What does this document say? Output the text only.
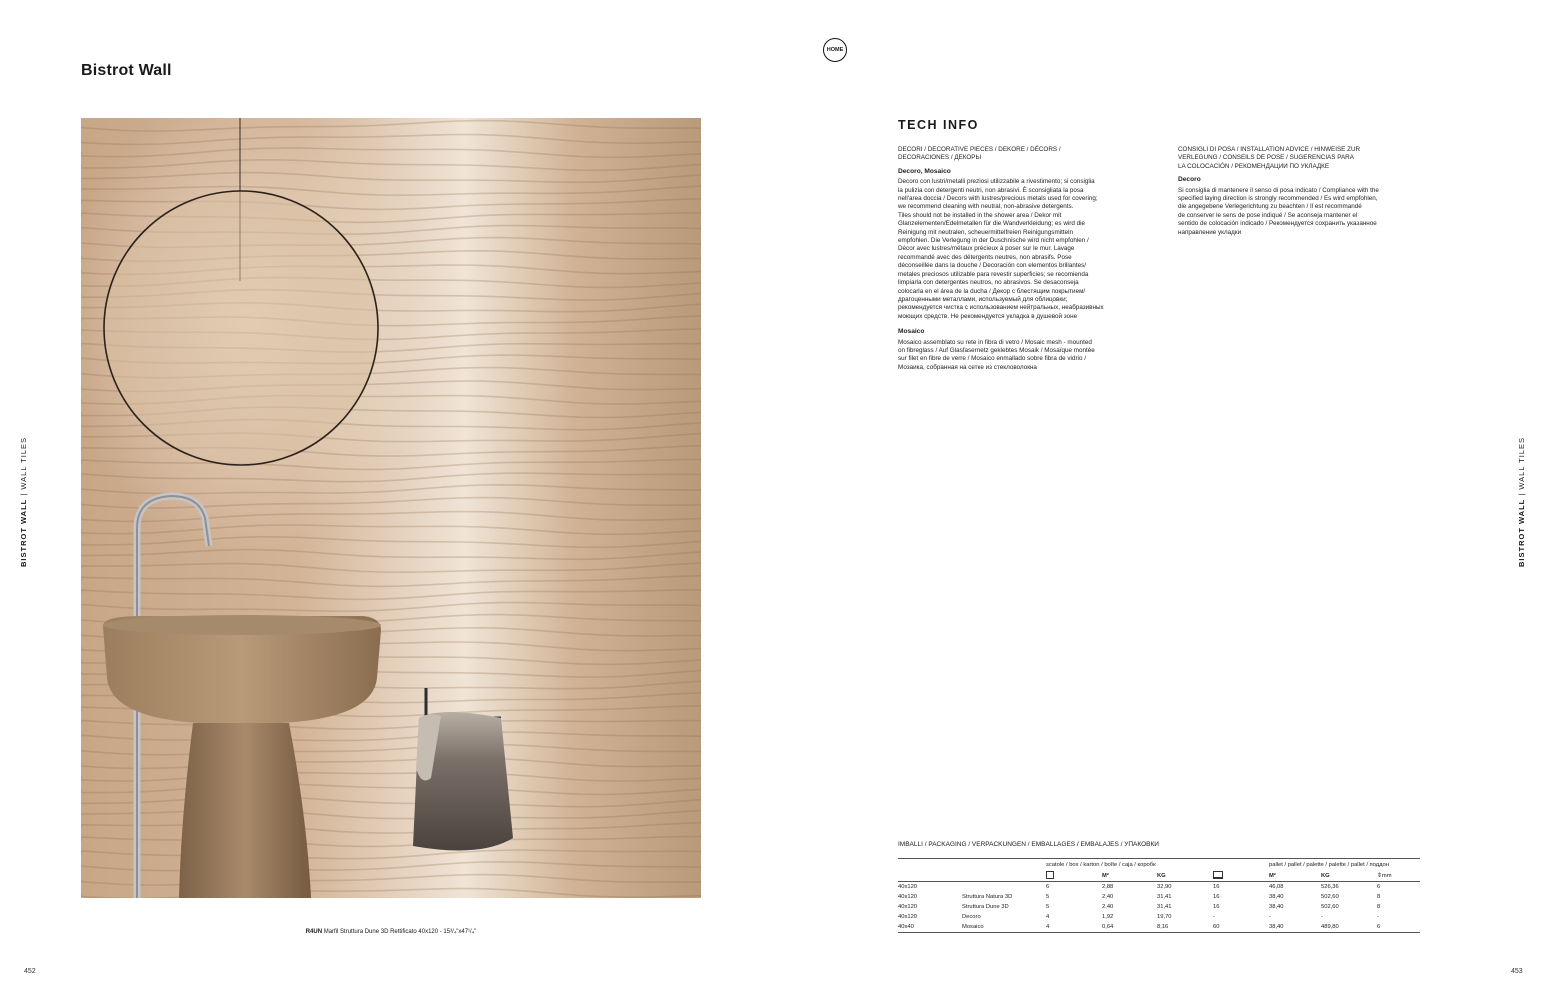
Bistrot Wall
HOME
BISTROT WALL | WALL TILES
R4UN Marfil Struttura Dune 3D Rettificato 40x120 - 15³/₄"x47¹/₄"
452
TECH INFO

DECORI / DECORATIVE PIECES / DEKORE / DÉCORS /
DECORACIONES / ДЕКОРЫ

Decoro, Mosaico

Decoro con lustri/metalli preziosi utilizzabile a rivestimento; si consiglia
la pulizia con detergenti neutri, non abrasivi. È sconsigliata la posa
nell'area doccia / Decors with lustres/precious metals used for covering;
we recommend cleaning with neutral, non-abrasive detergents.
Tiles should not be installed in the shower area / Dekor mit
Glanzelementen/Edelmetallen für die Wandverkleidung; es wird die
Reinigung mit neutralen, scheuermittelfreien Reinigungsmitteln
empfohlen. Die Verlegung in der Duschnische wird nicht empfohlen /
Décor avec lustres/métaux précieux à poser sur le mur. Lavage
recommandé avec des détergents neutres, non abrasifs. Pose
déconseillée dans la douche / Decoración con elementos brillantes/
metales preciosos utilizable para revestir superficies; se recomienda
limpiarla con detergentes neutros, no abrasivos. Se desaconseja
colocarla en el área de la ducha / Декор с блестящим покрытием/
драгоценными металлами, используемый для облицовки;
рекомендуется чистка с использованием нейтральных, неабразивных
моющих средств. Не рекомендуется укладка в душевой зоне

Mosaico

Mosaico assemblato su rete in fibra di vetro / Mosaic mesh - mounted
on fibreglass / Auf Glasfasernetz geklebtes Mosaik / Mosaïque montée
sur filet en fibre de verre / Mosaico enmallado sobre fibra de vidrio /
Мозаика, собранная на сетке из стекловолокна

CONSIGLI DI POSA / INSTALLATION ADVICE / HINWEISE ZUR
VERLEGUNG / CONSEILS DE POSE / SUGERENCIAS PARA
LA COLOCACIÓN / РЕКОМЕНДАЦИИ ПО УКЛАДКЕ

Decoro

Si consiglia di mantenere il senso di posa indicato / Compliance with the
specified laying direction is strongly recommended / Es wird empfohlen,
die angegebene Verlegerichtung zu beachten / Il est recommandé
de conserver le sens de pose indiqué / Se aconseja mantener el
sentido de colocación indicado / Рекомендуется сохранить указанное
направление укладки

IMBALLI / PACKAGING / VERPACKUNGEN / EMBALLAGES / EMBALAJES / УПАКОВКИ
		scatole / box / karton / boîte / caja / коробк				pallet / pallet / palette / palette / pallet / поддон		
			M²	KG		M²	KG	⇕mm
40x120		6	2,88	32,90	16	46,08	526,36	6
40x120	Struttura Natura 3D	5	2,40	31,41	16	38,40	502,60	8
40x120	Struttura Dune 3D	5	2,40	31,41	16	38,40	502,60	8
40x120	Decoro	4	1,92	19,70	-	-	-	-
40x40	Mosaico	4	0,64	8,16	60	38,40	489,80	6
BISTROT WALL | WALL TILES
453
